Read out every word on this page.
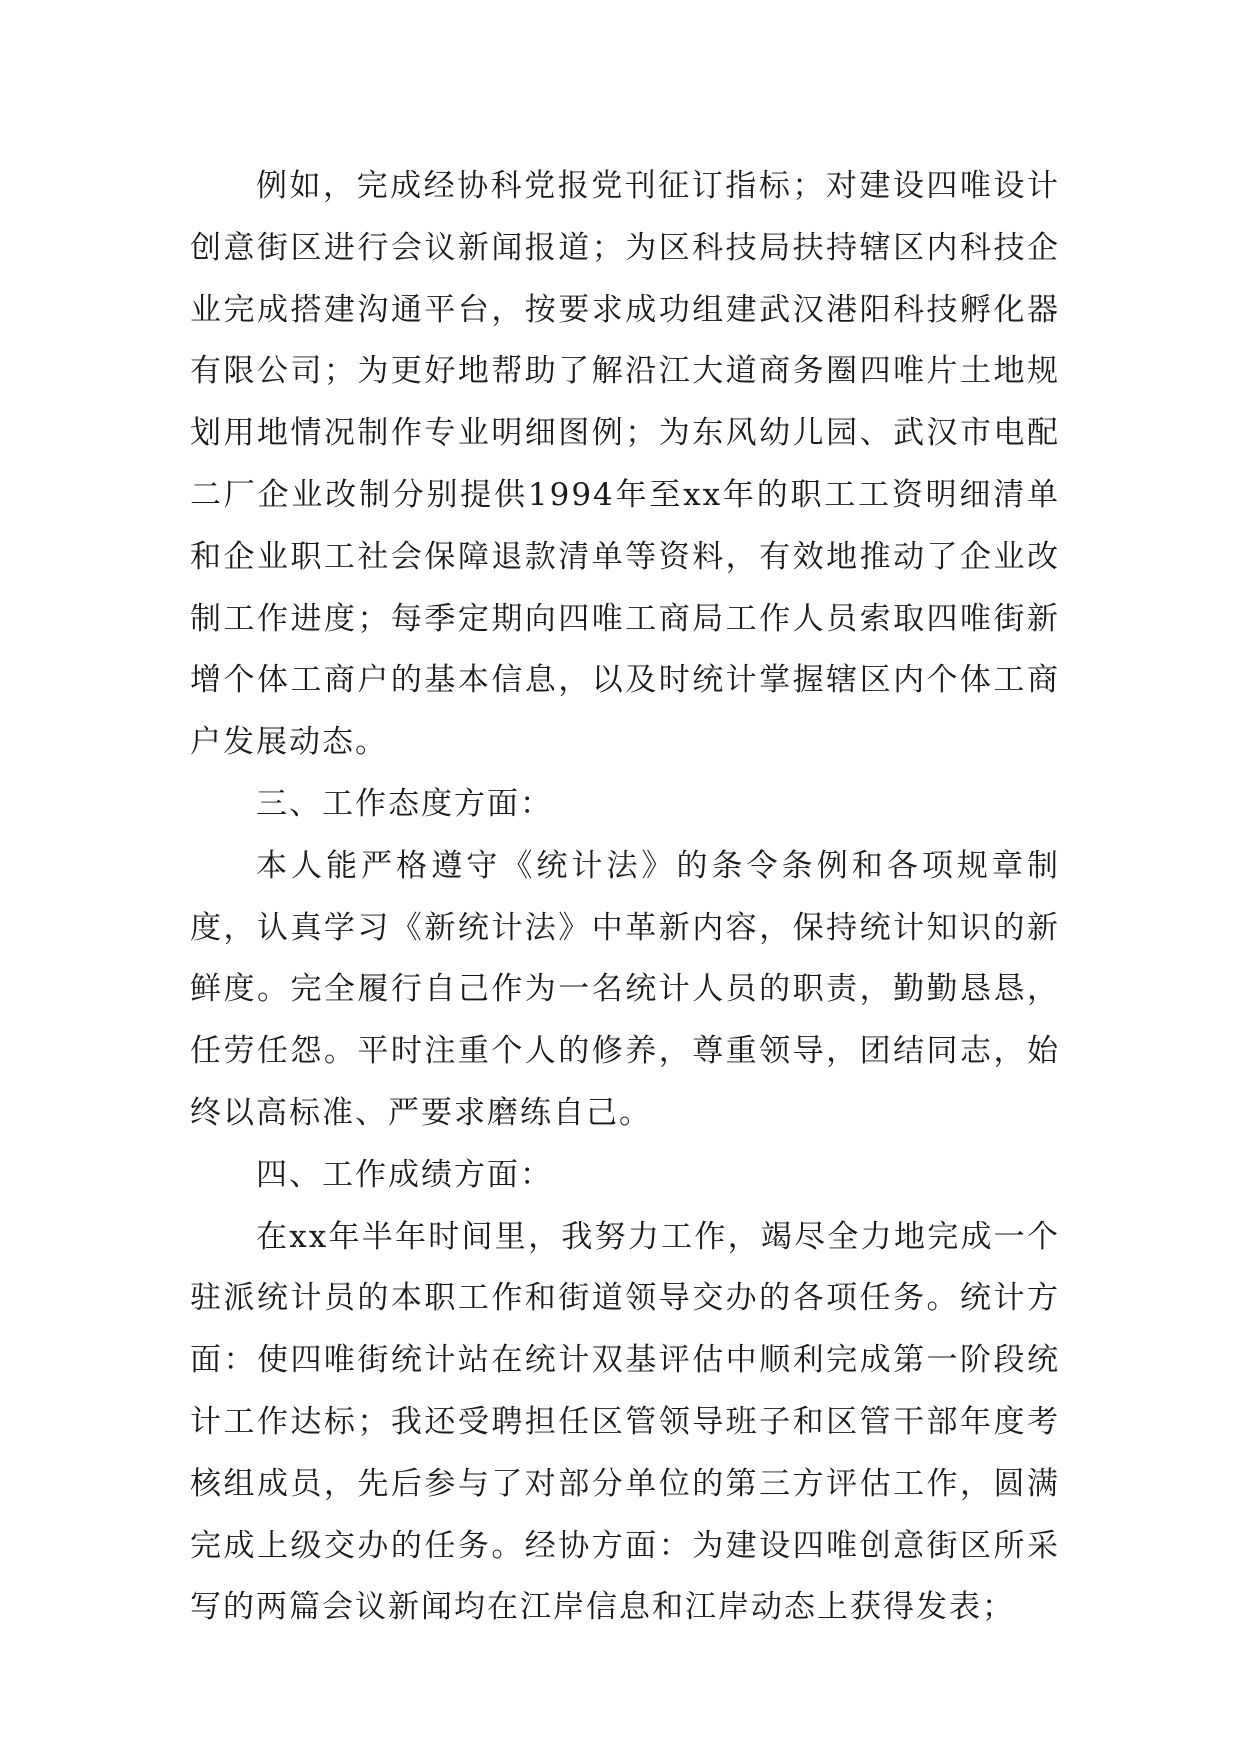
例如，完成经协科党报党刊征订指标；对建设四唯设计创意街区进行会议新闻报道；为区科技局扶持辖区内科技企业完成搭建沟通平台，按要求成功组建武汉港阳科技孵化器有限公司；为更好地帮助了解沿江大道商务圈四唯片土地规划用地情况制作专业明细图例；为东风幼儿园、武汉市电配二厂企业改制分别提供1994年至xx年的职工工资明细清单和企业职工社会保障退款清单等资料，有效地推动了企业改制工作进度；每季定期向四唯工商局工作人员索取四唯街新增个体工商户的基本信息，以及时统计掌握辖区内个体工商户发展动态。

三、工作态度方面：

本人能严格遵守《统计法》的条令条例和各项规章制度，认真学习《新统计法》中革新内容，保持统计知识的新鲜度。完全履行自己作为一名统计人员的职责，勤勤恳恳，任劳任怨。平时注重个人的修养，尊重领导，团结同志，始终以高标准、严要求磨练自己。

四、工作成绩方面：

在xx年半年时间里，我努力工作，竭尽全力地完成一个驻派统计员的本职工作和街道领导交办的各项任务。统计方面：使四唯街统计站在统计双基评估中顺利完成第一阶段统计工作达标；我还受聘担任区管领导班子和区管干部年度考核组成员，先后参与了对部分单位的第三方评估工作，圆满完成上级交办的任务。经协方面：为建设四唯创意街区所采写的两篇会议新闻均在江岸信息和江岸动态上获得发表；
